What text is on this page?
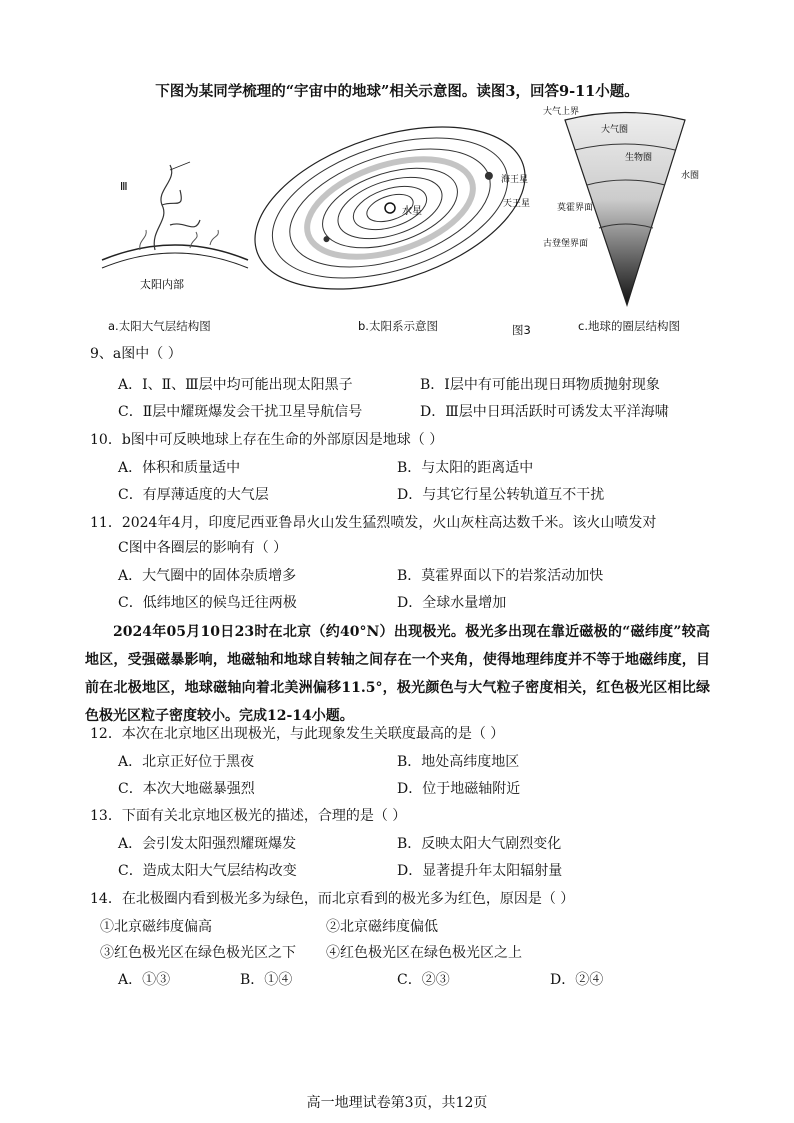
下图为某同学梳理的“宇宙中的地球”相关示意图。读图3，回答9-11小题。
Ⅲ
太阳内部
水星
海王星
天王星
大气上界
大气圈
生物圈
水圈
莫霍界面
古登堡界面
a.太阳大气层结构图	b.太阳系示意图	图3	c.地球的圈层结构图
9、a图中（ ）
A．Ⅰ、Ⅱ、Ⅲ层中均可能出现太阳黑子	B．Ⅰ层中有可能出现日珥物质抛射现象
C．Ⅱ层中耀斑爆发会干扰卫星导航信号	D．Ⅲ层中日珥活跃时可诱发太平洋海啸
10．b图中可反映地球上存在生命的外部原因是地球（ ）
A．体积和质量适中	B．与太阳的距离适中
C．有厚薄适度的大气层	D．与其它行星公转轨道互不干扰
11．2024年4月，印度尼西亚鲁昂火山发生猛烈喷发，火山灰柱高达数千米。该火山喷发对
C图中各圈层的影响有（ ）
A．大气圈中的固体杂质增多	B．莫霍界面以下的岩浆活动加快
C．低纬地区的候鸟迁往两极	D．全球水量增加
2024年05月10日23时在北京（约40°N）出现极光。极光多出现在靠近磁极的“磁纬度”较高地区，受强磁暴影响，地磁轴和地球自转轴之间存在一个夹角，使得地理纬度并不等于地磁纬度，目前在北极地区，地球磁轴向着北美洲偏移11.5°，极光颜色与大气粒子密度相关，红色极光区相比绿色极光区粒子密度较小。完成12-14小题。
12．本次在北京地区出现极光，与此现象发生关联度最高的是（ ）
A．北京正好位于黑夜	B．地处高纬度地区
C．本次大地磁暴强烈	D．位于地磁轴附近
13．下面有关北京地区极光的描述，合理的是（ ）
A．会引发太阳强烈耀斑爆发	B．反映太阳大气剧烈变化
C．造成太阳大气层结构改变	D．显著提升年太阳辐射量
14．在北极圈内看到极光多为绿色，而北京看到的极光多为红色，原因是（ ）
①北京磁纬度偏高	②北京磁纬度偏低
③红色极光区在绿色极光区之下 ④红色极光区在绿色极光区之上
A．①③	B．①④	C．②③	D．②④
高一地理试卷第3页，共12页
